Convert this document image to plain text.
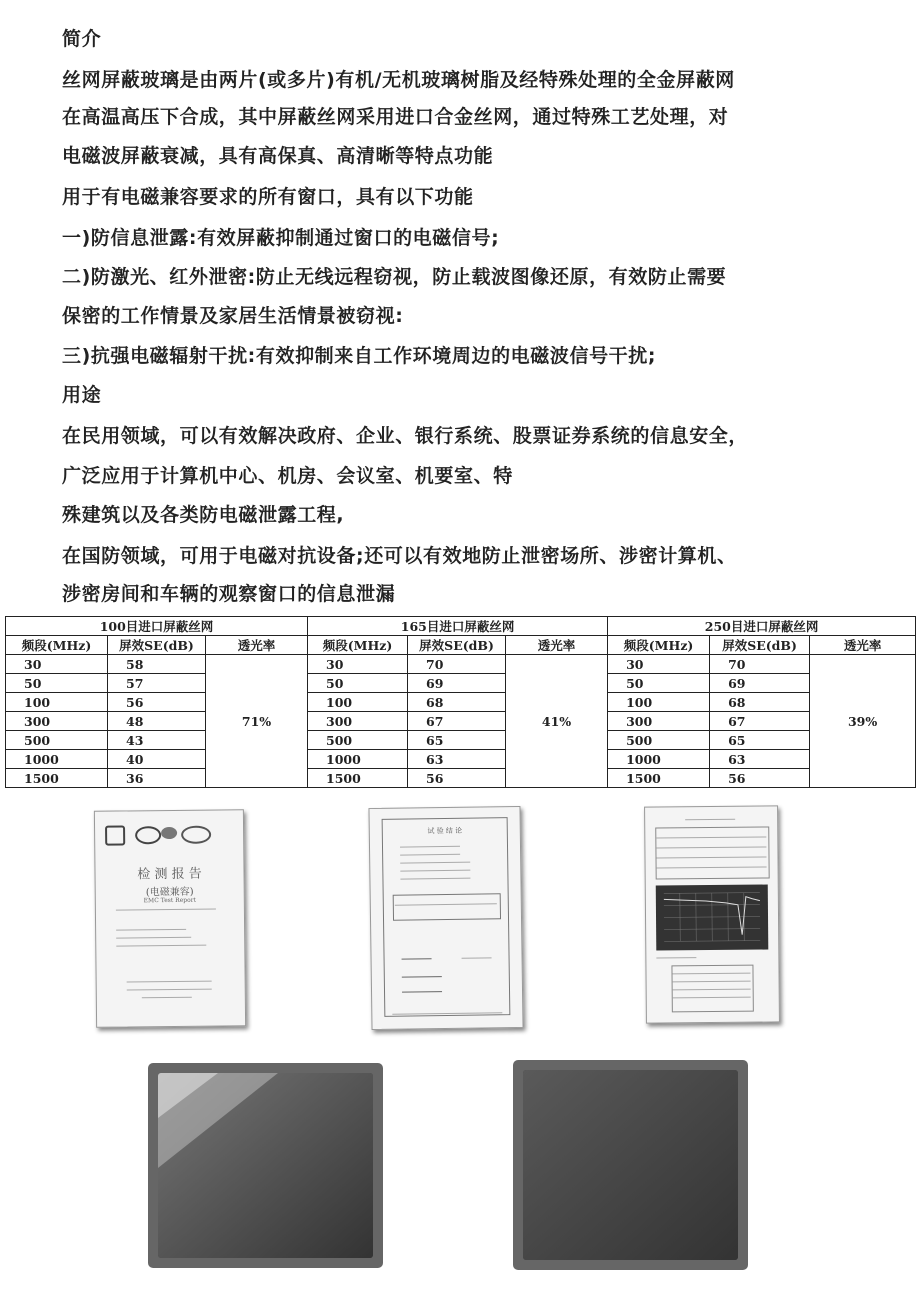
简介
丝网屏蔽玻璃是由两片(或多片)有机/无机玻璃树脂及经特殊处理的全金屏蔽网
在高温高压下合成，其中屏蔽丝网采用进口合金丝网，通过特殊工艺处理，对
电磁波屏蔽衰减，具有高保真、高清晰等特点功能
用于有电磁兼容要求的所有窗口，具有以下功能
一)防信息泄露:有效屏蔽抑制通过窗口的电磁信号;
二)防激光、红外泄密:防止无线远程窃视，防止载波图像还原，有效防止需要
保密的工作情景及家居生活情景被窃视:
三)抗强电磁辐射干扰:有效抑制来自工作环境周边的电磁波信号干扰;
用途
在民用领域，可以有效解决政府、企业、银行系统、股票证券系统的信息安全，
广泛应用于计算机中心、机房、会议室、机要室、特
殊建筑以及各类防电磁泄露工程,
在国防领域，可用于电磁对抗设备;还可以有效地防止泄密场所、涉密计算机、
涉密房间和车辆的观察窗口的信息泄漏
100目进口屏蔽丝网			165目进口屏蔽丝网			250目进口屏蔽丝网		
频段(MHz)	屏效SE(dB)	透光率	频段(MHz)	屏效SE(dB)	透光率	频段(MHz)	屏效SE(dB)	透光率
30	58	71%	30	70	41%	30	70	39%
50	57		50	69		50	69	
100	56		100	68		100	68	
300	48		300	67		300	67	
500	43		500	65		500	65	
1000	40		1000	63		1000	63	
1500	36		1500	56		1500	56	
检 测 报 告
(电磁兼容)
EMC Test Report
试 验 结 论
